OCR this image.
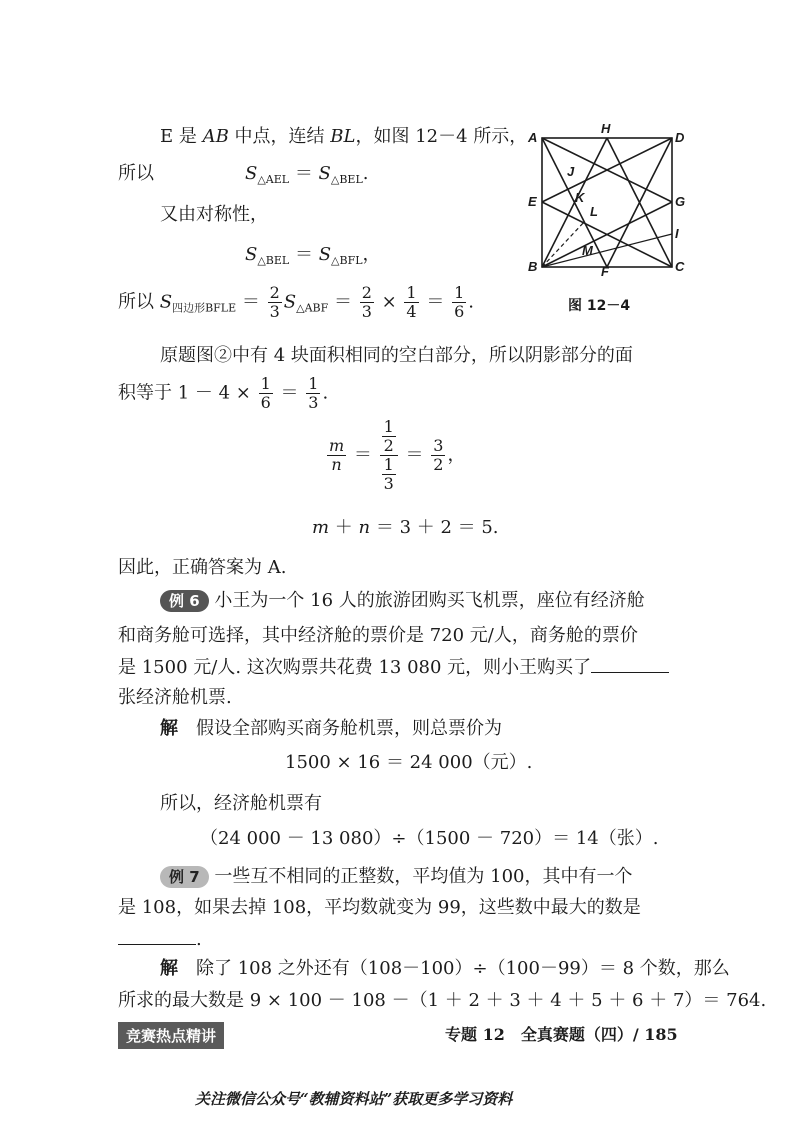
A
H
D
E	G
I
B	F	C
J
K
L
M
图 12－4
E 是 AB 中点，连结 BL，如图 12－4 所示，
所以	$S_{\triangle AEL} = S_{\triangle BEL}$.
又由对称性，
$S_{\triangle BEL} = S_{\triangle BFL}$，
所以 $S_{四边形BFLE} = \frac{2}{3} S_{\triangle ABF} = \frac{2}{3} \times \frac{1}{4} = \frac{1}{6}$ .
原题图②中有 4 块面积相同的空白部分，所以阴影部分的面
积等于 $1 - 4 \times \frac{1}{6} = \frac{1}{3}$ .
$\frac{m}{n} = \frac{\frac{1}{2}}{\frac{1}{3}} = \frac{3}{2}$ ，
m ＋ n ＝ 3 ＋ 2 ＝ 5.
因此，正确答案为 A.
例 6 小王为一个 16 人的旅游团购买飞机票，座位有经济舱
和商务舱可选择，其中经济舱的票价是 720 元/人，商务舱的票价
是 1500 元/人. 这次购票共花费 13 080 元，则小王购买了
张经济舱机票.
解　 假设全部购买商务舱机票，则总票价为
1500 × 16 ＝ 24 000（元）.
所以，经济舱机票有
（24 000 － 13 080）÷（1500 － 720）＝ 14（张）.
例 7 一些互不相同的正整数，平均值为 100，其中有一个
是 108，如果去掉 108，平均数就变为 99，这些数中最大的数是
.
解　 除了 108 之外还有（108－100）÷（100－99）＝ 8 个数，那么
所求的最大数是 9 × 100 － 108 －（1 ＋ 2 ＋ 3 ＋ 4 ＋ 5 ＋ 6 ＋ 7）＝ 764.
竞赛热点精讲	专题 12　全真赛题（四）/ 185
关注微信公众号“教辅资料站”获取更多学习资料
